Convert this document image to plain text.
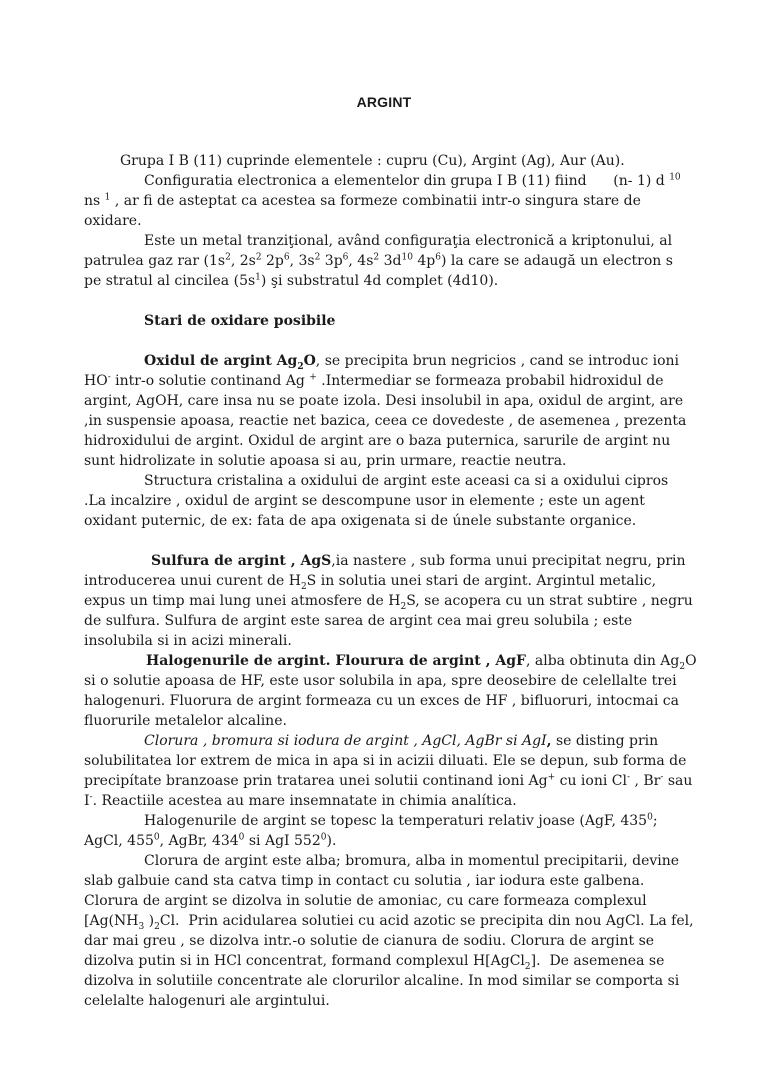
ARGINT
Grupa I B (11) cuprinde elementele : cupru (Cu), Argint (Ag), Aur (Au).
Configuratia electronica a elementelor din grupa I B (11) fiind      (n- 1) d $^{10}$
ns $^1$ , ar fi de asteptat ca acestea sa formeze combinatii intr-o singura stare de
oxidare.
Este un metal tranziţional, având configuraţia electronică a kriptonului, al
patrulea gaz rar ($1s^2$, $2s^2$ $2p^6$, $3s^2$ $3p^6$, $4s^2$ $3d^{10}$ $4p^6$) la care se adaugă un electron s
pe stratul al cincilea $(5s^1)$ şi substratul 4d complet (4d10).
Stari de oxidare posibile
Oxidul de argint $Ag_2O$, se precipita brun negricios , cand se introduc ioni
HO- intr-o solutie continand Ag + .Intermediar se formeaza probabil hidroxidul de
argint, AgOH, care insa nu se poate izola. Desi insolubil in apa, oxidul de argint, are
,in suspensie apoasa, reactie net bazica, ceea ce dovedeste , de asemenea , prezenta
hidroxidului de argint. Oxidul de argint are o baza puternica, sarurile de argint nu
sunt hidrolizate in solutie apoasa si au, prin urmare, reactie neutra.
Structura cristalina a oxidului de argint este aceasi ca si a oxidului cipros
.La incalzire , oxidul de argint se descompune usor in elemente ; este un agent
oxidant puternic, de ex: fata de apa oxigenata si de únele substante organice.
Sulfura de argint , AgS,ia nastere , sub forma unui precipitat negru, prin
introducerea unui curent de $H_2S$ in solutia unei stari de argint. Argintul metalic,
expus un timp mai lung unei atmosfere de $H_2S$, se acopera cu un strat subtire , negru
de sulfura. Sulfura de argint este sarea de argint cea mai greu solubila ; este
insolubila si in acizi minerali.
Halogenurile de argint. Flourura de argint , AgF, alba obtinuta din $Ag_2O$
si o solutie apoasa de HF, este usor solubila in apa, spre deosebire de celellalte trei
halogenuri. Fluorura de argint formeaza cu un exces de HF , bifluoruri, intocmai ca
fluorurile metalelor alcaline.
Clorura , bromura si iodura de argint , AgCl, AgBr si AgI, se disting prin
solubilitatea lor extrem de mica in apa si in acizii diluati. Ele se depun, sub forma de
precipítate branzoase prin tratarea unei solutii continand ioni Ag+ cu ioni Cl- , Br- sau
I-. Reactiile acestea au mare insemnatate in chimia analítica.
Halogenurile de argint se topesc la temperaturi relativ joase (AgF, $435^0$;
AgCl, $455^0$, AgBr, $434^0$ si AgI $552^0$).
Clorura de argint este alba; bromura, alba in momentul precipitarii, devine
slab galbuie cand sta catva timp in contact cu solutia , iar iodura este galbena.
Clorura de argint se dizolva in solutie de amoniac, cu care formeaza complexul
[$Ag(NH_3$ )$_2Cl$.  Prin acidularea solutiei cu acid azotic se precipita din nou AgCl. La fel,
dar mai greu , se dizolva intr.-o solutie de cianura de sodiu. Clorura de argint se
dizolva putin si in HCl concentrat, formand complexul H[AgCl$_2$].  De asemenea se
dizolva in solutiile concentrate ale clorurilor alcaline. In mod similar se comporta si
celelalte halogenuri ale argintului.
